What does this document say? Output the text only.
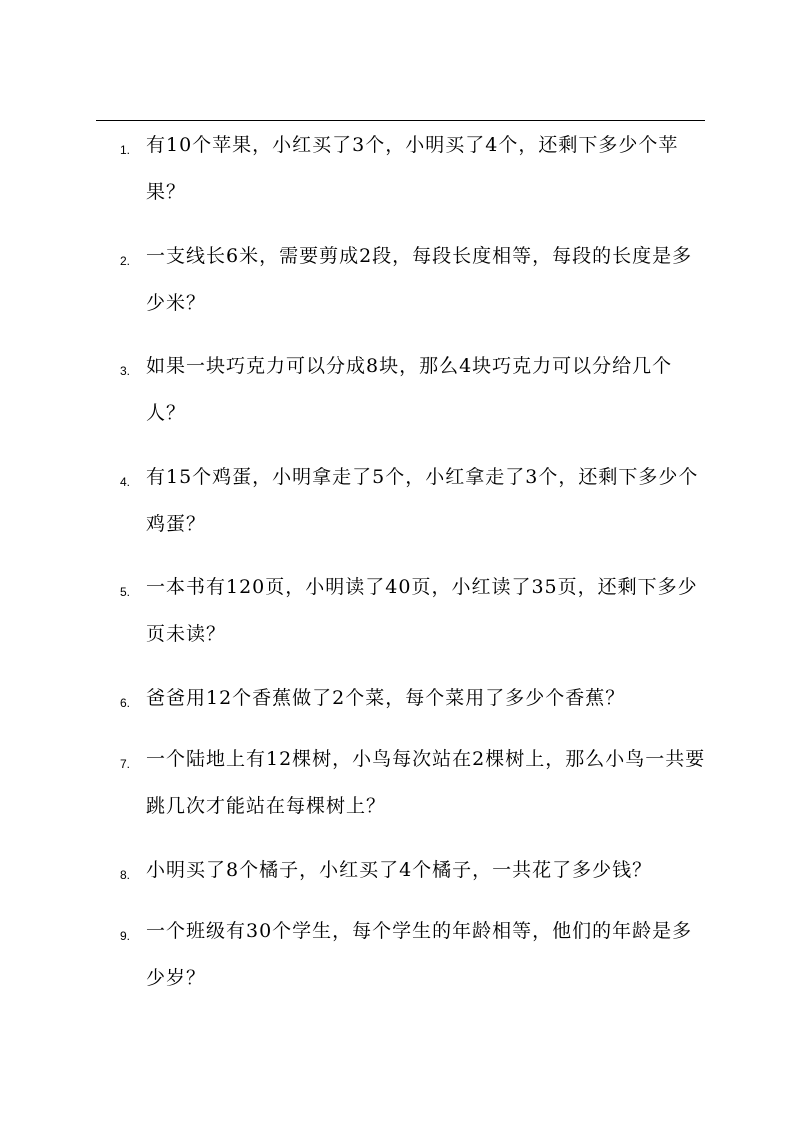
1. 有10个苹果，小红买了3个，小明买了4个，还剩下多少个苹果？
2. 一支线长6米，需要剪成2段，每段长度相等，每段的长度是多少米？
3. 如果一块巧克力可以分成8块，那么4块巧克力可以分给几个人？
4. 有15个鸡蛋，小明拿走了5个，小红拿走了3个，还剩下多少个鸡蛋？
5. 一本书有120页，小明读了40页，小红读了35页，还剩下多少页未读？
6. 爸爸用12个香蕉做了2个菜，每个菜用了多少个香蕉？
7. 一个陆地上有12棵树，小鸟每次站在2棵树上，那么小鸟一共要跳几次才能站在每棵树上？
8. 小明买了8个橘子，小红买了4个橘子，一共花了多少钱？
9. 一个班级有30个学生，每个学生的年龄相等，他们的年龄是多少岁？
